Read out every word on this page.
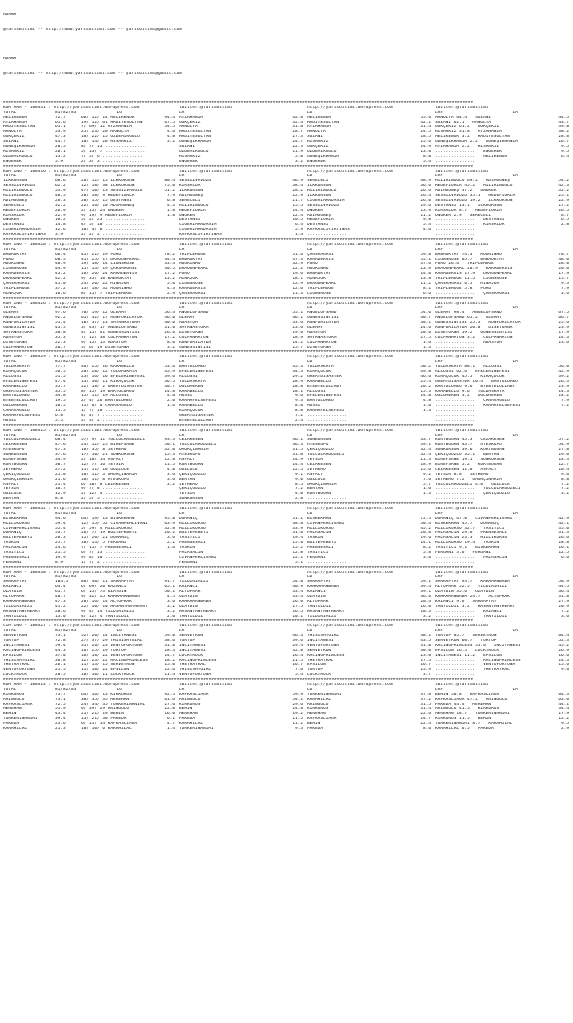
ADANA

@TarisBilimi -- http://www.yarisbilimi.com -- yarisbilimi@gmail.com

ADANA

@TarisBilimi -- http://www.yarisbilimi.com -- yarisbilimi@gmail.com

################################################################################################################################################################################
KUM ARA - 188431 : http://yarisbilimi.wordpress.com	twitter:@TarisBilimi	http://yarisbilimi.wordpress.com	twitter:@TarisBilimi
TOTAL	81/82/83               LG	LR	LD	LRF                          LA
MELIKENUR	72.7	66/ 12/ 14 MELIKENUR	94.4 AYZAHANIM	42.8 MELIKENUR	55.6 MANOLYA 64.4   SUZANI	44.5
AYZAHANIM	61.6	19/ 12/ 61 HADIYESULTAN	67.5 GÖKÇEKIZ	32.4 HADIYESULTAN	42.2 SUZANI 62.1   MANOLYA	43.7
HADIYESULTAN	61.1	7/ 69/ 12 AYZAHANIM	54.5 MANOLYA	31.0 AYZAHANIM	31.4 GÖKÇEKIZ 61.2   GÖKÇEKIZ	39.8
MANOLYA	53.9	21/ 23/ 20 MANOLYA	4.6 HADIYESULTAN	28.7 MANOLYA	24.5 HISARKIZ 31.8   AYZAHANIM	30.2
GÖKÇEKIZ	47.3	18/ 22/ 15 ÖZDEMIRGÜLÜ	4.8 HADIYESULTAN	27.3 SUZANI	18.5 MELIKENUR 3.2   HADIYESULTAN	28.8
SUZANI	44.7	18/ 14/ 20 HISARKIZ	3.2 GÜNEŞIKHANIM	24.7 HISARKIZ	15.6 GÜNEŞIKHANIM 2.2   GÜNEŞIKHANIM	16.7
GÜNEŞIKHANIM	20.5	8/ 7/ 13 ...............	SUZANI	22.3 GÖKÇEKIZ	14.9 AYZAHANIM 2.2   HISARKIZ	9.5
HISARKIZ	20.1	5/ 13/ 7 ...............	ÖZDEMIRGÜLÜ	11.9 ÖZDEMIRGÜLÜ	13.0 ...............   ENGEREK	9.5
ÖZDEMIRGÜLÜ	13.2	7/ 5/ 6 ...............	HISARKIZ	5.0 GÜNEŞIKHANIM	8.0 ...............   MELIKENUR	6.4
ENGEREK	5.9	2/ 3/ 3 ...............	ENGEREK	3.2 ENGEREK	5.4 ...............
################################################################################################################################################################################
KUM ING - 188416 : http://yarisbilimi.wordpress.com	twitter:@TarisBilimi	http://yarisbilimi.wordpress.com	twitter:@TarisBilimi
TOTAL	81/82/83               LG	LR	LD	LRF                          LA
ILKKURSUN	66.6	26/ 52/ 15 ILKKURSUN	80.4 SESSIZVAVUZU	46.9 SERECELI	48.9 HIZIRINOGLU 69.2   ADIMGÜNEŞ	54.2
SESSIZVAVUZU	62.2	12/ 18/ 38 ILKKURSUN	75.0 KIRSALDA	38.4 ILKKURSUN	36.6 HEDEFIORLA 45.2   HIZIRINOGLU	42.3
HIZIRINOGLU	53.9	47/ 10/ 13 SESSIZVAVUZU	51.2 ILKKURSUN	28.2 HIZIRINOGLU	26.6 ADIMGÜNEŞ 37.2   ONUKER	32.2
HIZIRINOGLU	40.5	20/ 10/ 9 HEDEFIORLA	7.9 ADIMGÜNEŞ	22.9 ILKKURSUN	26.4 SESSIZVAVUZU 35.1   HEDEFIORLA	25.1
ADIMGÜNEŞ	28.3	20/ 15/ 15 DESTANSI	6.8 SERECELI	21.7 CIGERIMARDASIM	26.0 SESSIZVAVUZU 19.2   ILKKURSUN	22.9
SERECELI	32.2	22/ 16/ 10 ADIMGÜNEŞ	4.3 HIZIRINOGLU	15.5 SESSIZVAVUZU	19.6 DESTANSI 13.1   ILKKURSUN	17.2
HEDEFIORLA	26.9	2/ 15/ 24 ONUKER	1.8 HEDEFIORLA	14.4 ONUKER	13.9 KIRSALDA 8.7   HEDEFIORLA	16.5
KIRSALDA	22.9	9/ 19/ 9 HEDEFIORLA	1.8 ONUKER	12.4 ADIMGÜNEŞ	11.2 ONUKER 2.9   SERECELI	8.7
ONUKER	18.2	5/ 2/ 23 ...............	DESTANSI	10.5 HEDEFIORLA	9.8 ...............   DESTANSI	6.5
DESTANSI	14.8	4/ 5/ 10 ...............	CIGERIMARDASIM	6.4 DESTANSI	5.4 ...............   KIRSALDA	2.8
CIGERIMARDASIM	12.6	10/ 4/ 8 ...............	CIGERIMARDASIM	5.9 KAFKASLIFIRTINAS	4.6 ...............
KAFKASLIFIRTINAS	3.9	2/ 2/ 2 ...............	KAFKASLIFIRTINAS	1.4 ...............	...............
################################################################################################################################################################################
KUM ING - 188420 : http://yarisbilimi.wordpress.com	twitter:@TarisBilimi	http://yarisbilimi.wordpress.com	twitter:@TarisBilimi
TOTAL	81/82/83               LG	LR	LD	LRF                          LA
BABAOKTAY	66.4	41/ 22/ 19 PURO	78.2 TRIPLEHUGE	51.6 ÇARSAAGASI	59.8 BABAOKTAY 74.3   MOURINHO	78.7
PURO	60.5	41/ 25/ 17 DRAGONPEARL	44.4 BABAOKTAY	47.3 KARADERVIS	55.1 LIONSROSE 65.7   BABAOKTAY	48.0
MOURINHO	48.9	19/ 18/ 14 LIONSROSE	33.4 MOURINHO	32.9 PURO	37.6 PURO 26.6   TRIPLEHUGE	28.0
LIONSROSE	44.9	15/ 13/ 19 ÇARSAAGASI	30.5 DRAGONPEARL	22.2 MOURINHO	23.9 DRAGONPEARL 20.9   KARADERVIS	20.0
KARADERVIS	43.2	16/ 26/ 24 KARADERVIS	17.2 PURO	19.6 BABAOKTAY	14.0 KARADERVIS 17.9   DRAGONPEARL	17.9
DRAGONPEARL	42.2	9/ 35/ 18 BABAOKTAY	13.2 MINAJÖR	18.1 MINAJÖR	13.8 TRIPLEHUGE 11.5   LIONSROSE	15.7
ÇARSAAGASI	41.0	24/ 20/ 22 MINAJÖR	5.0 LIONSROSE	12.9 DRAGONPEARL	11.2 ÇARSAAGASI 6.5   MINAJÖR	9.3
TRIPLEHUGE	37.2	13/ 18/ 32 MOURINHO	4.3 KARADERVIS	12.6 TRIPLEHUGE	8.1 TRIPLEHUGE 5.8   PURO	7.9
MINAJÖR	16.6	8/ 15/ 7 TRIPLEHUGE	2.9 ÇARSAAGASI	11.3 LIONSROSE	6.6 ...............   ÇARSAAGASI	3.6
################################################################################################################################################################################
KUM ING - 188426 : http://yarisbilimi.wordpress.com	twitter:@TarisBilimi	http://yarisbilimi.wordpress.com	twitter:@TarisBilimi
TOTAL	81/82/83               LG	LR	LD	LRF                          LA
GLEAMY	97.6	70/ 19/ 12 GLEAMY	56.4 ANGELOFSAND	55.1 ANGELOFSAND	54.6 GLEAMY 98.4   ANGELOFSAND	67.5
ANGELOFSAND	92.2	61/ 32/ 17 RUNFORILAYDA	46.0 GLEAMY	46.1 GÜNESSINTISI	40.7 ANGELOFSAND 65.2   GLEAMY	66.7
RUNFORILAYDA	51.4	18/ 37/ 13 SMYRNASTORM	40.0 ADASYUM	33.6 RUNFORILAYDA	38.1 GÜNESSINTISI 25.3   RUNFORILAYDA	25.6
GÜNESSINTISI	43.5	3/ 43/ 17 ANGELOFSAND	31.0 SMYRNASTORM	23.6 GLEAMY	24.6 RUNFORILAYDA 20.0   DISETUANA	23.9
SMYRNASTORM	38.0	4/ 15/ 41 GÜNESSINTISI	26.6 DISETUANA	19.6 ADASYUM	20.6 DISETUANA 19.2   GÜNESSINTISI	17.9
ADASYUM	35.3	7/ 12/ 38 COLPANHATUN	17.2 COLPANHATUN	18.9 SMYRNASTORM	27.5 COLPANHATUN 3.2   COLPANHATUN	14.3
DISETUANA	22.3	9/ 15/ 13 ADASYUM	8.0 RUNFORILAYDA	14.2 COLPANHATUN	1.6 ...............   ADASYUM	13.6
COLPANHATUN	20.7	5/ 6/ 19 DISETUANA	3.2 GÜNESSINTISI	15.7 DISETUANA	1.3 ...............
################################################################################################################################################################################
KUM ING - 188429 : http://yarisbilimi.wordpress.com	twitter:@TarisBilimi	http://yarisbilimi.wordpress.com	twitter:@TarisBilimi
TOTAL	81/82/83               LG	LR	LD	LRF                          LA
YOLDASKAYA	77.7	46/ 25/ 16 KARABELLO	53.6 BARTOLOMEO	45.3 YOLDASKAYA	50.2 YOLDASKAYA 88.1   ALLÖSSI	56.0
KIRAÇOCUK	56.5	28/ 28/ 12 YOLDASKAYA	45.9 EFELERINEFESI	34.3 KIRAÇOCUK	49.8 ALLÖSSI 62.6   EFELERINEFESI	42.9
ALLÖSSI	51.5	23/ 16/ 16 EFELERINEFESI	39.6 ALLÖSSI	29.2 GREATDISASTER	46.6 KIRAÇOCUK 45.5   KIRAÇOCUK	39.2
EFELERINEFESI	47.4	13/ 30/ 11 KIRAÇOCUK	36.5 YOLDASKAYA	28.9 KARABELLO	25.4 GREATDISASTER 10.4   BARTOLOMEO	26.3
KARABELLO	35.7	22/ 18/ 2 GREATDISASTER	30.7 OGLUMEREN	28.8 BYEBYELULLABY	20.2 BARTOLOMEO 9.6   BYEBYELULLABY	23.9
GREATDISASTER	35.5	8/ 15/ 19 BARTOLOMEO	14.8 KARABELLO	18.1 ALLÖSSI	15.3 KARABELLO 9.6   YOLDASKAYA	14.3
BARTOLOMEO	34.8	15/ 11/ 19 ALLÖSSI	4.0 MUSSI	9.6 EFELERINEFESI	14.0 OGLUMEREN 3.2   OGLUMEREN	14.2
BYEBYELULLABY	19.5	2/ 4/ 26 BARTOLOMEO	2.0 KARMAFELSEFESI	9.3 BARTOLOMEO	4.8 ...............   CARAVAGGIO	7.9
OGLUMEREN	18.5	11/ 6/ 6 CARAVAGGIO	1.6 KARABELLO	8.0 MUSSI	1.6 ...............   KARMAFELSEFESI	7.2
CARAVAGGIO	11.5	1/ 7/ 10 ...............	KIRAÇOCUK	8.0 KARMAFELSEFESI	1.3 ...............
KARMAFELSEFESI	6.8	4/ 4/ 7 ...............	GREATDISASTER	7.2 ...............	...............
MUSSI	5.5	2/ 3/ 2 ...............	BYEBYELULLABY	2.4 ...............	...............
################################################################################################################################################################################
KUM ING - 188415 : http://yarisbilimi.wordpress.com	twitter:@TarisBilimi	http://yarisbilimi.wordpress.com	twitter:@TarisBilimi
TOTAL	81/82/83               LG	LR	LD	LRF                          LA
YOLCULARGÜZELI	68.4	57/ 9/ 11 YOLCULARGÜZELI	93.3 CEZAKESEN	46.1 SONKURSUN	43.7 KURTBOGAN 45.3   CEZAKESEN	57.2
CEZAKESEN	47.6	24/ 12/ 25 BIREFSANE	50.1 YOLCULARGÜZELI	36.3 ATESKÜPÜ	39.1 KURTBOGAN 43.7   ATESKÜPÜ	54.9
ATESKÜPÜ	47.3	18/ 35/ 8 JETHEMO	32.0 ÖMÜRÇINARIM	31.5 ÇEKIÇGÜZLÜ	32.4 SONKURSUN 39.6   KURTBOGAN	27.8
SONKURSUN	37.6	17/ 10/ 21 SONKURSUN	15.3 ATESKÜPÜ	31.0 YOLCULARGÜZELI	32.4 ÇEKIÇGÜZLÜ 35.1   BERTAN	19.0
BIREFSANE	34.9	2/ 18/ 14 ASFALT	12.8 ASFALT	14.9 TEYSIR	21.3 BIREFSANE 19.1   SONKURSUN	14.3
KURTBOGAN	30.7	12/ 7/ 16 TEYSIR	11.5 KURTBOGAN	14.4 CEZAKESEN	18.9 BIREFSANE 5.2   KURTBOGAN	12.7
JETHEMO	27.2	11/ 11/ 10 GÖZLÜCE	4.0 GÖZLÜCE	12.5 JETHEMO	15.6 CEZAKESEN 11.8   ASFALT	10.4
ÇEKIÇGÜZLÜ	25.0	10/ 11/ 3 ÖMÜRÇINARIM	3.6 ÇEKIÇGÜZLÜ	9.1 ASFALT	9.2 TEYSIR 8.8   JETHEMO	9.6
ÖMÜRÇINARIM	21.6	10/ 11/ 8 ATESKÜPÜ	3.6 BERTAN	9.0 GÖZLÜCE	7.6 JETHEMO 7.2   ÖMÜRÇINARIM	8.8
ASFALT	21.4	6/ 10/ 8 CEZAKESEN	3.2 JETHEMO	8.5 ÖMÜRÇINARIM	5.7 YOLCULARGÜZELI 4.0   GÖZLÜCE	7.2
TEYSIR	16.7	9/ 7/ 8 ...............	ÇEKIÇGÜZLÜ	7.2 BERTAN	1.6 ...............   YOLCULARGÜZELI	7.2
GÖZLÜCE	12.9	2/ 12/ 4 ...............	TEYSIR	4.0 KURTBOGAN	1.3 ...............   ÇEKIÇGÜZLÜ	3.2
BERTAN	8.8	2/ 5/ 5 ...............	SONKURSUN	2.8 ...............	...............
################################################################################################################################################################################
KUM ARA - 188432 : http://yarisbilimi.wordpress.com	twitter:@TarisBilimi	http://yarisbilimi.wordpress.com	twitter:@TarisBilimi
TOTAL	81/82/83               LG	LR	LD	LRF                          LA
BISKEKHAN	94.6	64/ 19/ 13 BISKEKHAN	95.0 DOMANIÇ	51.1 BISKEKHAN	72.5 DOMANIÇ 67.0   CIVANPEHLIVANI	42.9
HIZLIKURSU	59.4	12/ 15/ 52 CIVANPEHLIVANI	63.9 HIZLIKURSU	38.8 CIVANPEHLIVANI	50.4 BISKEKHAN 45.7   DOMANIÇ	42.1
CIVANPEHLIVANI	55.4	5/ 59/ 4 HIZLIKURSU	32.8 HIZLIKURSU	33.9 HIZLIKURSU	45.2 HIZLIKURSU 32.7   TASITICI	35.0
DOMANIÇ	53.7	26/ 7/ 19 BOZTEPEBEYI	20.2 BOZTEPEBEYI	31.0 PALASALIN	20.8 PALASALIN 29.6   PRENSESALI	31.3
BOZTEPEBEYI	28.3	11/ 20/ 21 DOMANIÇ	3.6 TASITICI	19.4 TASKIN	19.6 PALASALIN 23.3   HIZLIKURSU	26.6
TASKIN	25.7	10/ 13/ 5 FERGANI	2.2 PRENSESALI	15.8 BOZTEPEBEYI	14.1 HIZLIKURSU 19.4   TASKIN	18.8
PALASALIN	24.6	7/ 11/ 7 PRENSESALI	1.6 TASKIN	15.2 PRENSESALI	8.2 TASITICI 9.1   BISKEKHAN	16.1
TASITICI	21.5	6/ 7/ 13 ...............	PALASALIN	12.8 TASITICI	5.8 FERGANI 3.6   FERGANI	12.5
PRENSESALI	19.9	9/ 8/ 10 ...............	CIVANPEHLIVANI	12.1 FERGANI	3.6 ...............   PALASALIN	6.6
FERGANI	8.9	1/ 7/ 2 ...............	FERGANI	5.1 ...............	...............
################################################################################################################################################################################
KUM ARA - 188430 : http://yarisbilimi.wordpress.com	twitter:@TarisBilimi	http://yarisbilimi.wordpress.com	twitter:@TarisBilimi
TOTAL	81/82/83               LG	LR	LD	LRF                          LA
SARRAPTAY	104.1	86/ 40/ 11 SARRAPTAY	91.7 YILDIRIMIZI	54.8 SARRAPTAY	59.1 SARRAPTAY 93.7   KARAMANBABA	50.9
KAZANCI	64.4	6/ 69/ 20 KAZANCI	65.1 KAZANCI	40.9 KAHRAMANBABA	39.4 ALTOPRAK 52.5   YILDIRIMIZI	44.5
ÖZAYDIN	61.7	6/ 15/ 73 ÖZAYDIN	50.1 ALTOPRAK	33.4 KAZANCI	39.1 ÖZAYDIN 35.6   ÖZAYDIN	36.4
ALTOPRAK	48.7	9/ 32/ 25 KAHRAMANBABA	4.5 ÖZAYDIN	33.4 ÖZAYDIN	36.6 KAHRAMANBABA 24.7   ALTOPRAK	31.8
KAHRAMANBABA	47.3	28/ 16/ 14 ALTOPRAK	3.6 KAHRAMANBABA	26.0 ALTOPRAK	20.4 KAZANCI 9.6   SARRAPTAY	27.9
YILDIRIMIZI	41.2	22/ 10/ 10 HASANTMNYHEART	3.2 ÖZAYDIN	17.5 TANYILDIZ	16.0 TANYILDIZ 3.2   HASANTMNYHEART	20.9
HASANTMNYHEART	20.6	9/ 4/ 14 YILDIRIMIZI	3.2 HASANTMNYHEART	16.5 HASANTMNYHEART	10.3 ...............   KAZANCI	7.2
TANYILDIZ	13.0	4/ 12/ 4 TANYILDIZ	2.0 TANYILDIZ	10.1 YILDIRIMIZI	3.2 ...............   TANYILDIZ	3.6
################################################################################################################################################################################
CIM ING - 188427 : http://yarisbilimi.wordpress.com	twitter:@TarisBilimi	http://yarisbilimi.wordpress.com	twitter:@TarisBilimi
TOTAL	81/82/83               LG	LR	LD	LRF                          LA
SERVEYRON	73.1	52/ 20/ 14 INCITANESI	59.0 SERVEYRON	46.3 THISISMYGIRL	48.1 TORTOP 85.7   SERVEYRON	64.4
TORTOP	72.8	27/ 37/ 29 THISISMYGIRL	38.6 TORTOP	39.6 INCITANESI	43.5 SERVEYRON 60.7   TORTOP	52.3
INCITANESI	59.4	31/ 26/ 23 VENTOFORTUNA	31.8 INCITANESI	29.4 VENTOFORTUNA	31.0 RACINGPRINCESS 51.0   INCITANESI	45.2
RACINGPRINCESS	44.3	16/ 25/ 19 TORTOP	28.3 INCITANESI	32.0 SERVEYRON	30.0 EPSILON 16.5   LUCKYROCK	26.9
EPSILON	37.0	16/ 18/ 22 VENTOFORTUNA	14.7 LUCKYROCK	26.4 RACINGPRINCESS	23.0 INCITANESI 11.2   EPSILON	16.6
THISISMYGIRL	36.8	12/ 23/ 22 RACINGPRINCESS	18.2 RACINGPRINCESS	21.5 THETRATRAL	17.5 ...............   RACINGPRINCESS	14.3
THETRATRAL	26.1	11/ 13/ 15 SERVEYRON	15.0 THETRATRAL	16.7 EPSILON	16.7 ...............   VENTOFORTUNA	15.6
VENTOFORTUNA	25.5	11/ 10/ 22 EPSILON	12.6 THISISMYGIRL	7.6 TORTOP	15.9 ...............   THETRATRAL	9.6
LUCKYROCK	20.5	10/ 10/ 11 LUCKYROCK	11.4 VENTOFORTUNA	5.4 LUCKYROCK	3.7 ...............
################################################################################################################################################################################
KUM ARA - 188414 : http://yarisbilimi.wordpress.com	twitter:@TarisBilimi	http://yarisbilimi.wordpress.com	twitter:@TarisBilimi
TOTAL	81/82/83               LG	LR	LD	LRF                          LA
KIRKURUS	73.7	64/ 16/ 13 KIRKURUS	92.5 KAFKASLIAGA	59.9 TÜRKERINANIMI	47.8 BEHIN 50.8   KAFKASLIAGA	64.3
ARINGÜLÜ	73.1	30/ 35/ 35 MEREHAN	61.6 ARINGÜLÜ	54.1 KARAHILAL	37.2 KAFKASLIAGA 47.2   ARINGÜLÜ	63.0
KAFKASLIAGA	72.5	24/ 34/ 35 TÜRKERINANIMI	27.6 KIRKURUS	29.6 ARINGÜLÜ	31.5 PAKEDA 44.4   MEREHAN	44.1
MEREHAN	51.9	6/ 39/ 29 ARINGÜLÜ	22.0 BEHIN	24.8 KIRKURUS	31.4 ARINGÜLÜ 41.5   KIRKURUS	34.4
BEHIN	43.4	21/ 21/ 19 BEHIN	16.0 MEREHAN	19.2 MEREHAN	22.6 MEREHAN 18.7   TÜRKERINANIMI	17.9
TÜRKERINANIMI	39.4	13/ 21/ 30 PAKEDA	6.1 PAKEDA	11.5 KAFKASLIAGA	24.7 KIRKURUS 11.5   BEHIN	12.2
PAKEDA	23.6	6/ 11/ 14 KAFKASLIAGA	4.7 KARAHILAL	11.2 BEHIN	22.4 TÜRKERINANIMI 8.7   KARAHILAL	9.5
KARAHILAL	21.3	10/ 10/ 6 KARAHILAL	1.4 TÜRKERINANIMI	9.3 PAKEDA	8.6 KARAHILAL 6.5   PAKEDA	2.9
